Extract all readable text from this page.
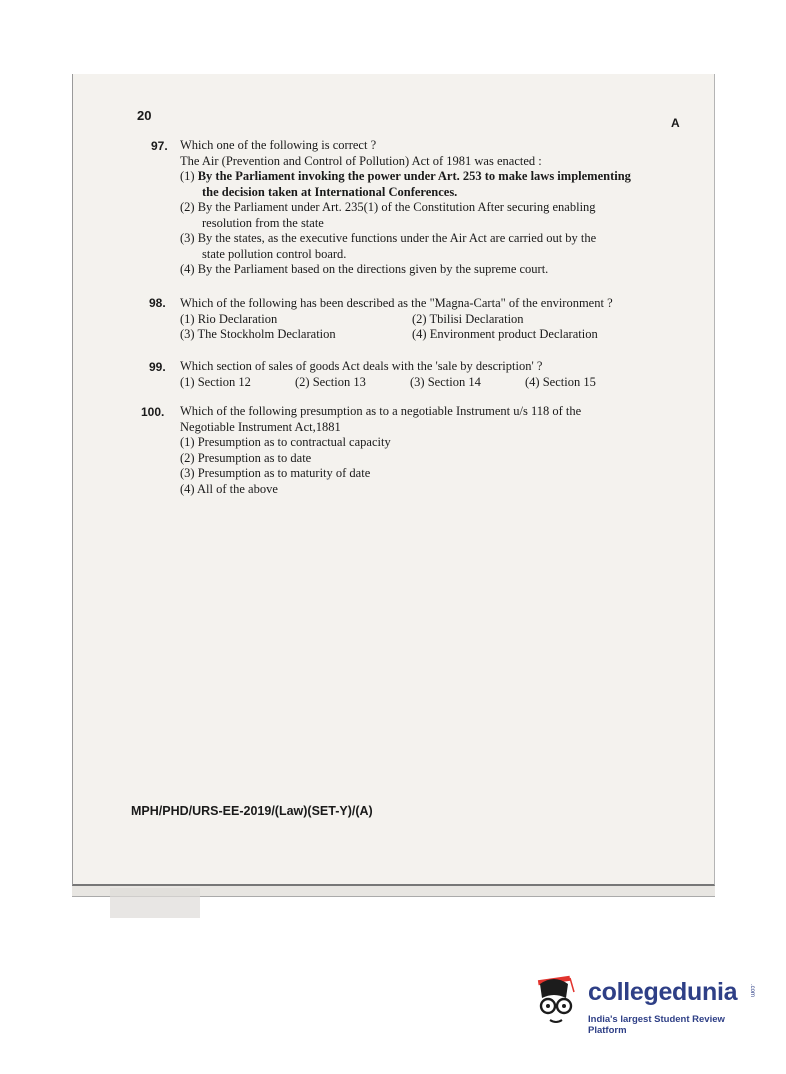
20	A
97. Which one of the following is correct ?
The Air (Prevention and Control of Pollution) Act of 1981 was enacted :
(1) By the Parliament invoking the power under Art. 253 to make laws implementing
the decision taken at International Conferences.
(2) By the Parliament under Art. 235(1) of the Constitution After securing enabling
resolution from the state
(3) By the states, as the executive functions under the Air Act are carried out by the
state pollution control board.
(4) By the Parliament based on the directions given by the supreme court.
98. Which of the following has been described as the "Magna-Carta" of the environment ?
(1) Rio Declaration	(2) Tbilisi Declaration
(3) The Stockholm Declaration	(4) Environment product Declaration
99. Which section of sales of goods Act deals with the 'sale by description' ?
(1) Section 12	(2) Section 13	(3) Section 14	(4) Section 15
100. Which of the following presumption as to a negotiable Instrument u/s 118 of the
Negotiable Instrument Act,1881
(1) Presumption as to contractual capacity
(2) Presumption as to date
(3) Presumption as to maturity of date
(4) All of the above
MPH/PHD/URS-EE-2019/(Law)(SET-Y)/(A)
collegedunia .com
India's largest Student Review Platform
